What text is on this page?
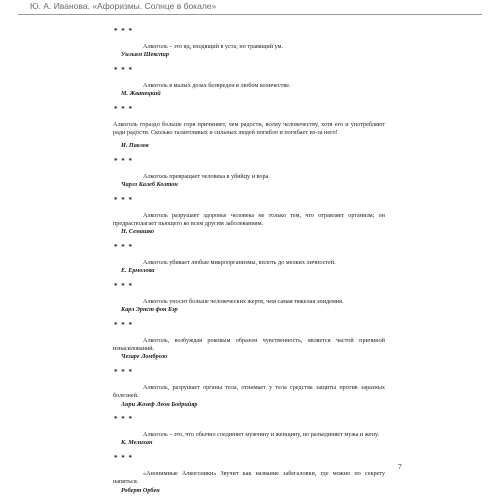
Ю. А. Иванова. «Афоризмы. Солнце в бокале»
* * *
Алкоголь – это яд, входящий в уста, но травящий ум.
Уильям Шекспир
* * *
Алкоголь в малых дозах безвреден в любом количестве.
М. Жванецкий
* * *
Алкоголь гораздо больше горя причиняет, чем радости, всему человечеству, хотя его и употребляют ради радости. Сколько талантливых и сильных людей погибло и погибает из-за него!
И. Павлов
* * *
Алкоголь превращает человека в убийцу и вора.
Чарлз Калеб Колтон
* * *
Алкоголь разрушает здоровье человека не только тем, что отравляет организм; он предрасполагает пьющего ко всем другим заболеваниям.
Н. Семашко
* * *
Алкоголь убивает любые микроорганизмы, вплоть до мелких личностей.
Е. Ермолова
* * *
Алкоголь уносит больше человеческих жертв, чем самая тяжелая эпидемия.
Карл Эрнст фон Бэр
* * *
Алкоголь, возбуждая роковым образом чувственность, является частой причиной изнасилований.
Чезаре Ломброзо
* * *
Алкоголь, разрушает органы тела, отнимает у тела средства защиты против заразных болезней.
Анри Жозеф Леон Бодрийяр
* * *
Алкоголь – это, что обычно соединяет мужчину и женщину, но разъединяет мужа и жену.
К. Мелихан
* * *
«Анонимные Алкоголики» Звучит как название забегаловки, где можно по секрету напиться.
Роберт Орбен
7
